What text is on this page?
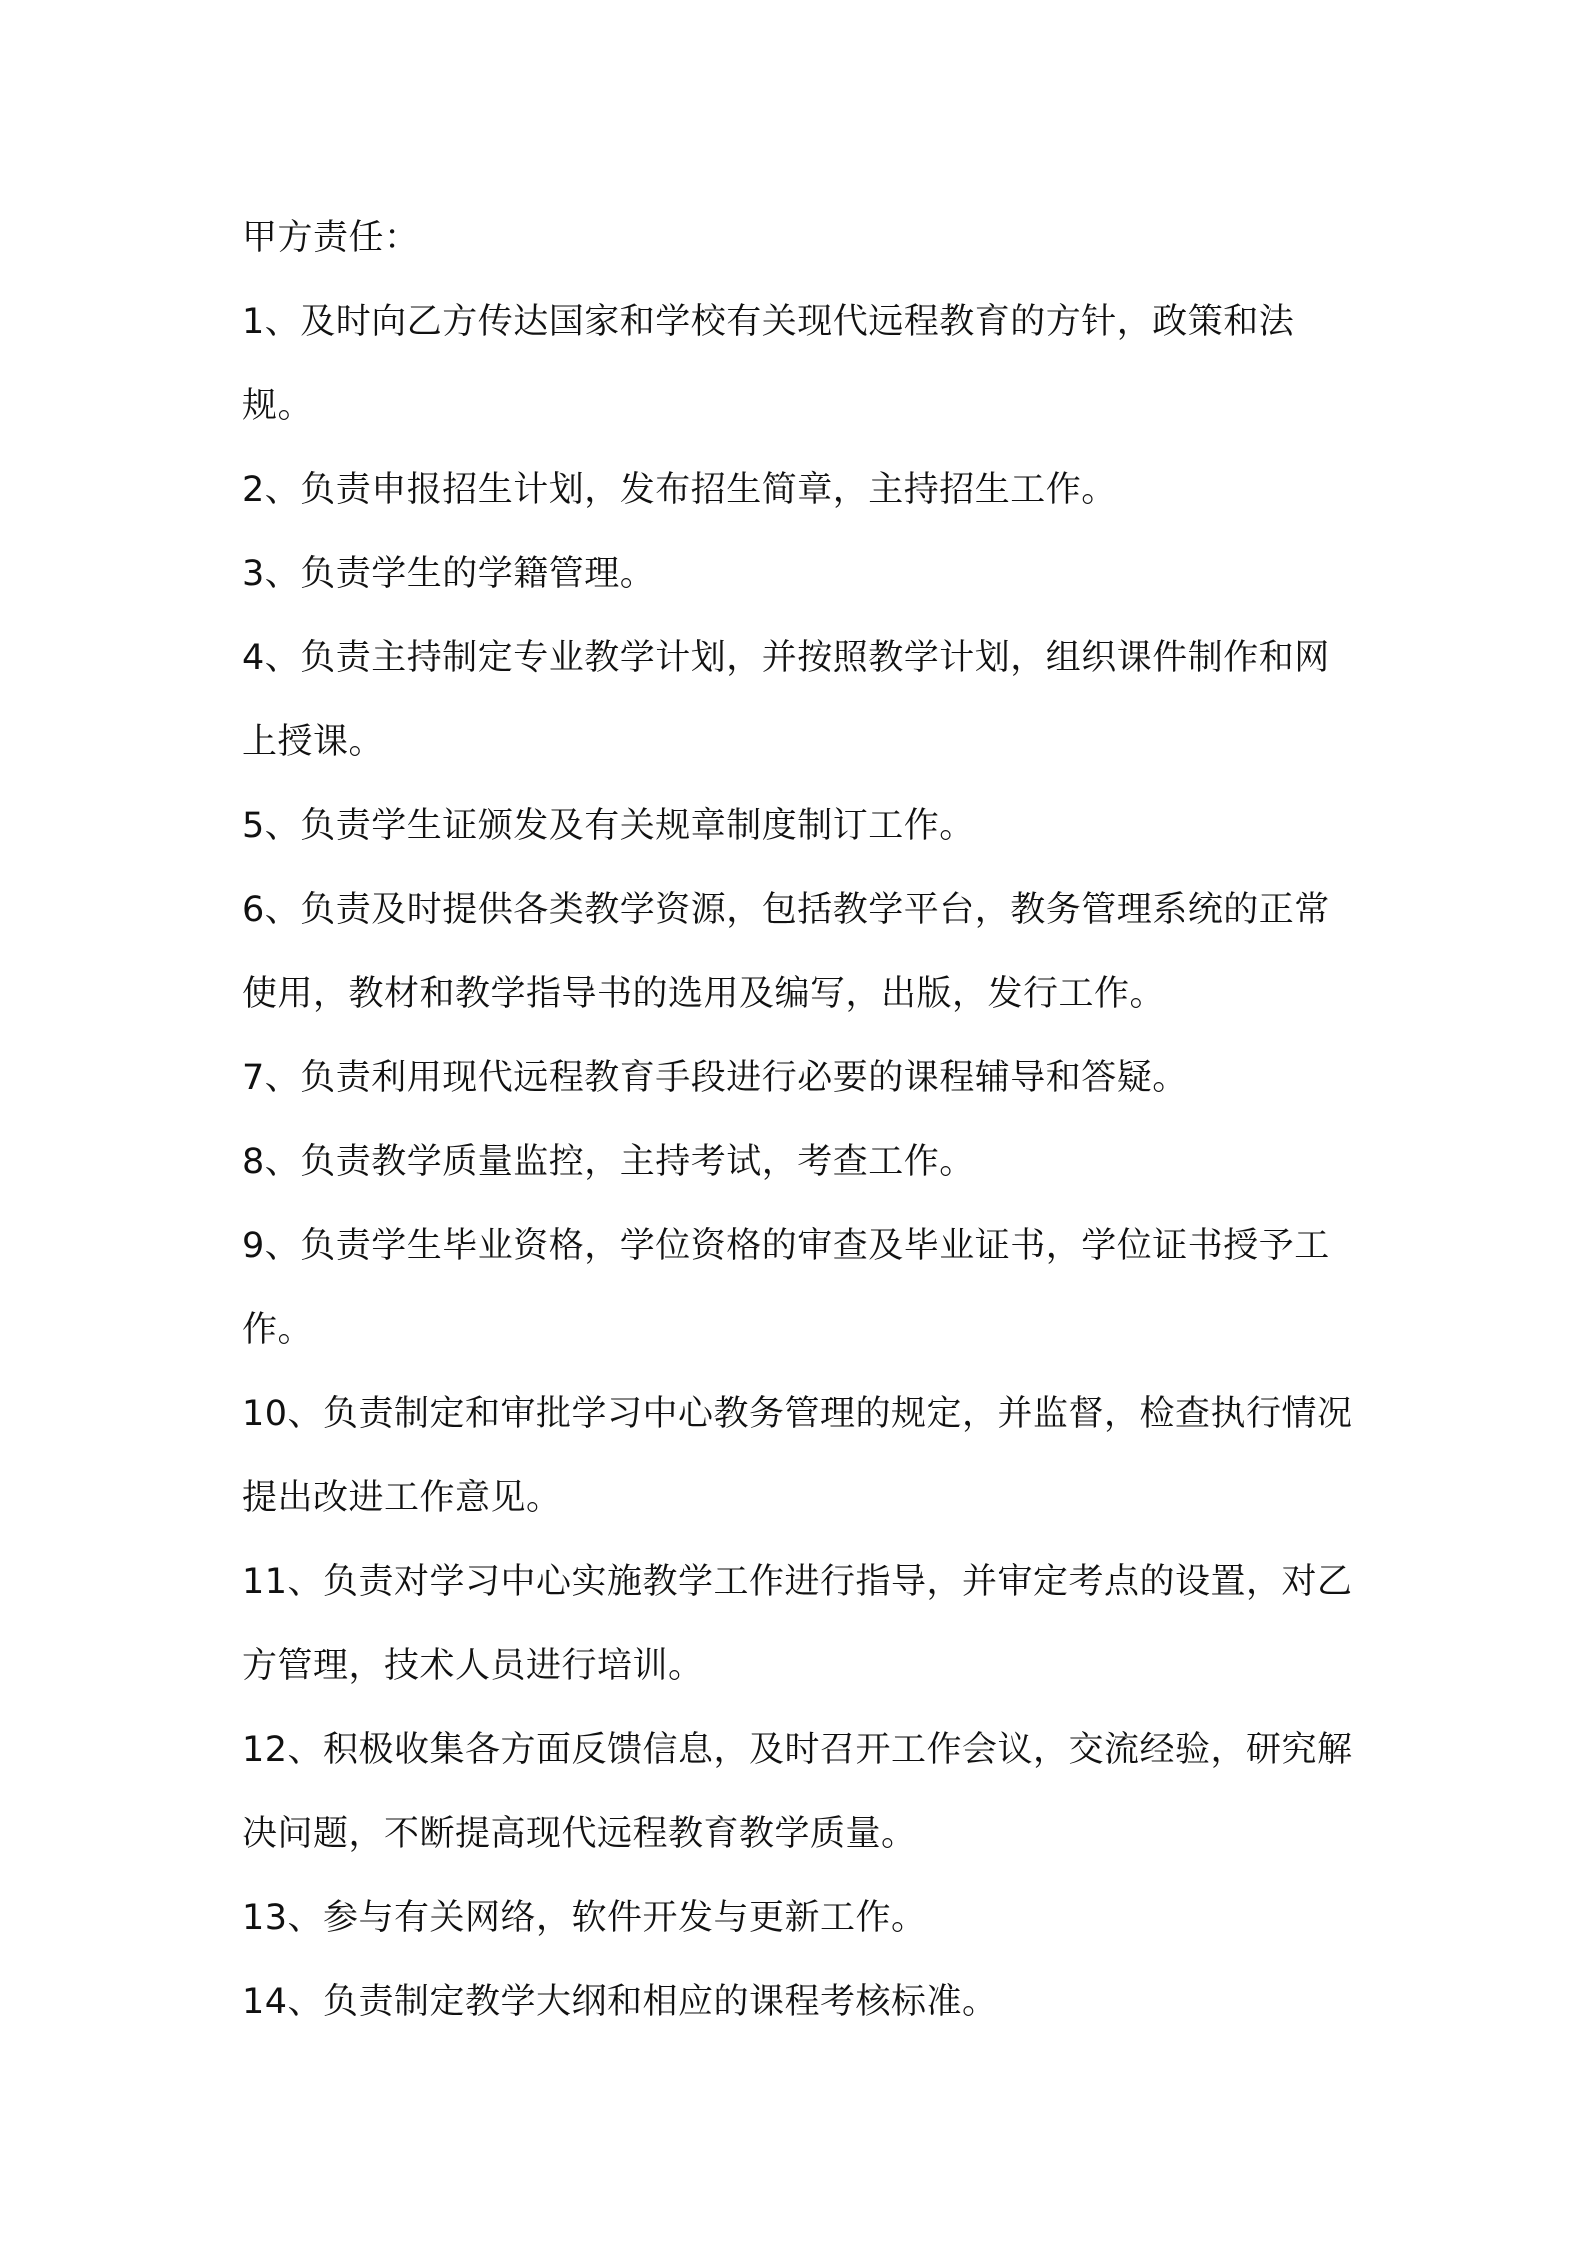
甲方责任：

1、及时向乙方传达国家和学校有关现代远程教育的方针，政策和法规。

2、负责申报招生计划，发布招生简章，主持招生工作。

3、负责学生的学籍管理。

4、负责主持制定专业教学计划，并按照教学计划，组织课件制作和网上授课。

5、负责学生证颁发及有关规章制度制订工作。

6、负责及时提供各类教学资源，包括教学平台，教务管理系统的正常使用，教材和教学指导书的选用及编写，出版，发行工作。

7、负责利用现代远程教育手段进行必要的课程辅导和答疑。

8、负责教学质量监控，主持考试，考查工作。

9、负责学生毕业资格，学位资格的审查及毕业证书，学位证书授予工作。

10、负责制定和审批学习中心教务管理的规定，并监督，检查执行情况提出改进工作意见。

11、负责对学习中心实施教学工作进行指导，并审定考点的设置，对乙方管理，技术人员进行培训。

12、积极收集各方面反馈信息，及时召开工作会议，交流经验，研究解决问题，不断提高现代远程教育教学质量。

13、参与有关网络，软件开发与更新工作。

14、负责制定教学大纲和相应的课程考核标准。
